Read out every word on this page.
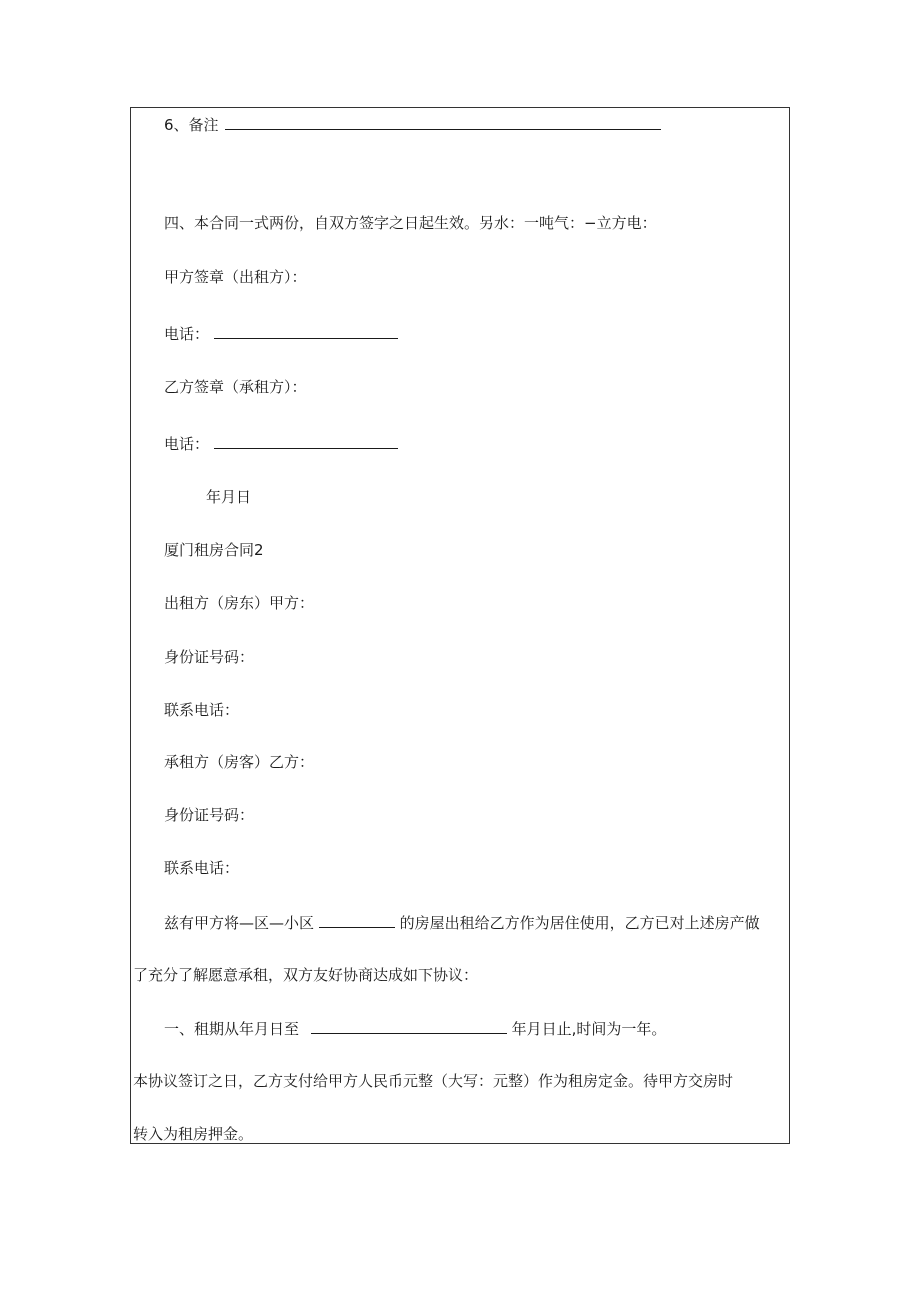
6、备注

四、本合同一式两份，自双方签字之日起生效。另水：一吨气：−立方电：

甲方签章（出租方）：

电话：

乙方签章（承租方）：

电话：

年月日

厦门租房合同2

出租方（房东）甲方：

身份证号码：

联系电话：

承租方（房客）乙方：

身份证号码：

联系电话：

兹有甲方将—区—小区	的房屋出租给乙方作为居住使用，乙方已对上述房产做

了充分了解愿意承租，双方友好协商达成如下协议：

一、租期从年月日至	年月日止,时间为一年。

本协议签订之日，乙方支付给甲方人民币元整（大写：元整）作为租房定金。待甲方交房时

转入为租房押金。
